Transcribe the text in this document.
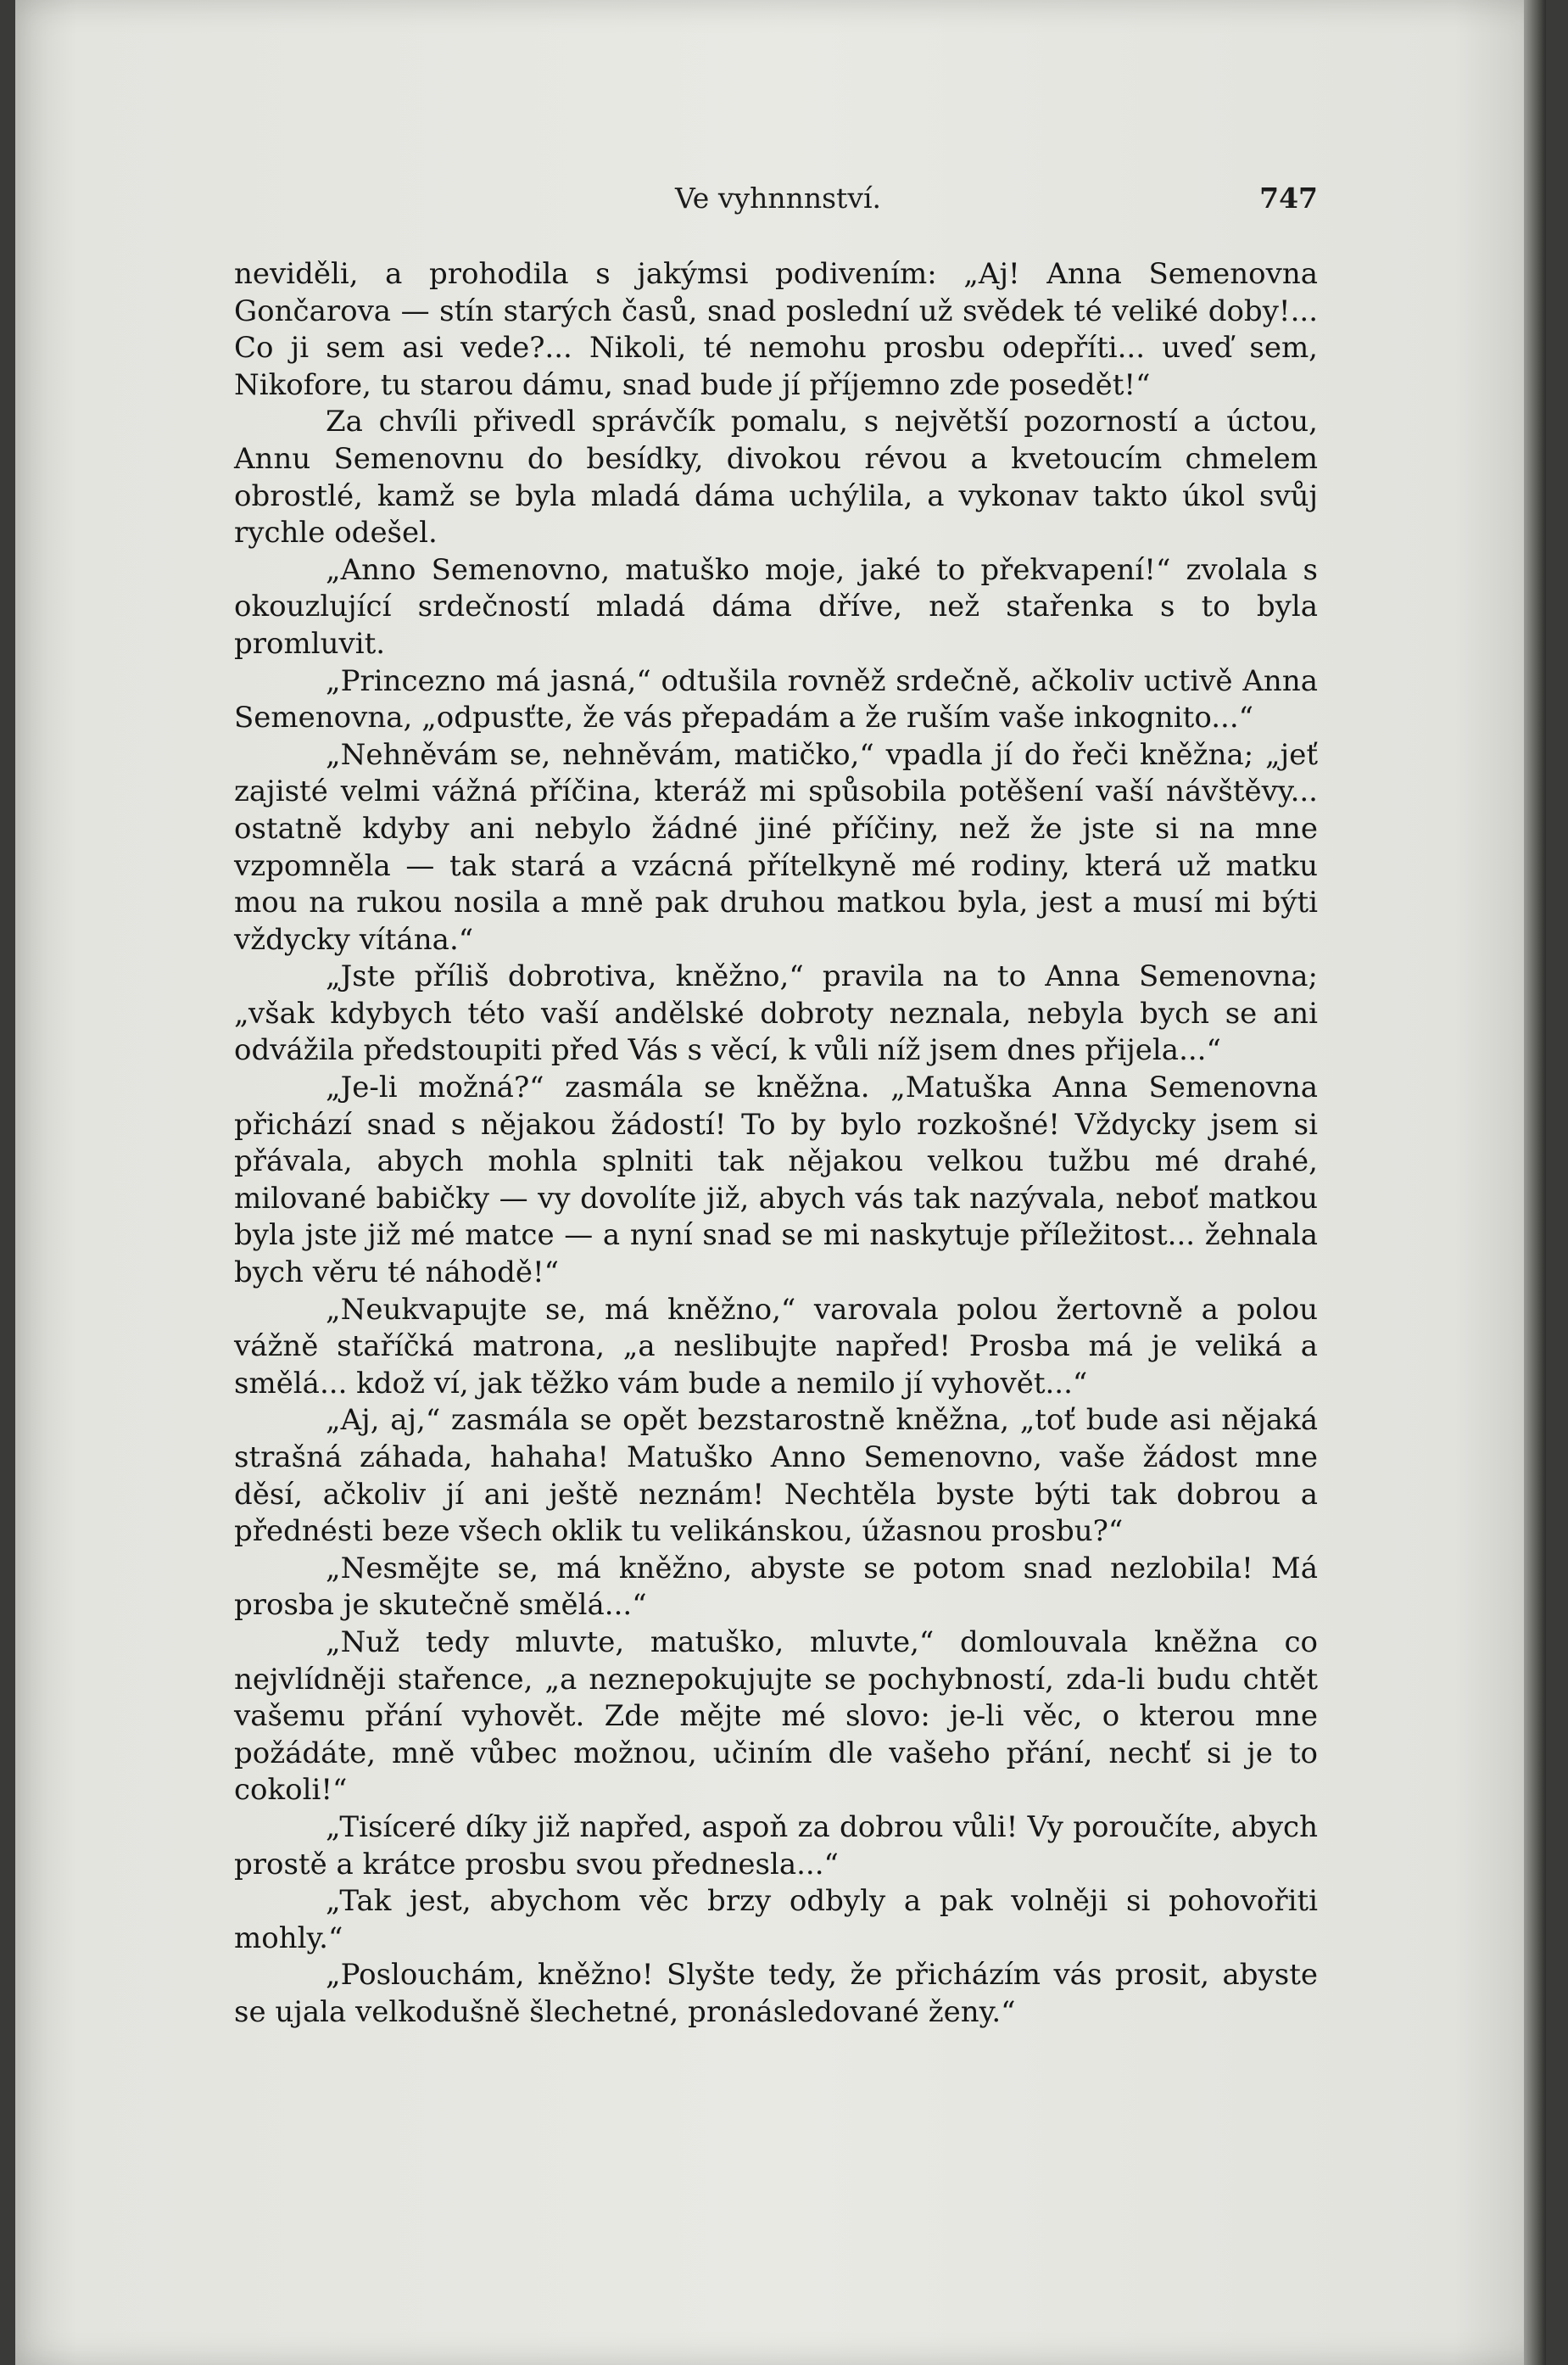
Ve vyhnnnství.	747

neviděli, a prohodila s jakýmsi podivením: „Aj! Anna Semenovna Gončarova — stín starých časů, snad poslední už svědek té veliké doby!... Co ji sem asi vede?... Nikoli, té nemohu prosbu odepříti... uveď sem, Nikofore, tu starou dámu, snad bude jí příjemno zde posedět!“

Za chvíli přivedl správčík pomalu, s největší pozorností a úctou, Annu Semenovnu do besídky, divokou révou a kvetoucím chmelem obrostlé, kamž se byla mladá dáma uchýlila, a vykonav takto úkol svůj rychle odešel.

„Anno Semenovno, matuško moje, jaké to překvapení!“ zvolala s okouzlující srdečností mladá dáma dříve, než stařenka s to byla promluvit.

„Princezno má jasná,“ odtušila rovněž srdečně, ačkoliv uctivě Anna Semenovna, „odpusťte, že vás přepadám a že ruším vaše inkognito...“

„Nehněvám se, nehněvám, matičko,“ vpadla jí do řeči kněžna; „jeť zajisté velmi vážná příčina, kteráž mi spůsobila potěšení vaší návštěvy... ostatně kdyby ani nebylo žádné jiné příčiny, než že jste si na mne vzpomněla — tak stará a vzácná přítelkyně mé rodiny, která už matku mou na rukou nosila a mně pak druhou matkou byla, jest a musí mi býti vždycky vítána.“

„Jste příliš dobrotiva, kněžno,“ pravila na to Anna Semenovna; „však kdybych této vaší andělské dobroty neznala, nebyla bych se ani odvážila předstoupiti před Vás s věcí, k vůli níž jsem dnes přijela...“

„Je-li možná?“ zasmála se kněžna. „Matuška Anna Semenovna přichází snad s nějakou žádostí! To by bylo rozkošné! Vždycky jsem si přávala, abych mohla splniti tak nějakou velkou tužbu mé drahé, milované babičky — vy dovolíte již, abych vás tak nazývala, neboť matkou byla jste již mé matce — a nyní snad se mi naskytuje příležitost... žehnala bych věru té náhodě!“

„Neukvapujte se, má kněžno,“ varovala polou žertovně a polou vážně staříčká matrona, „a neslibujte napřed! Prosba má je veliká a smělá... kdož ví, jak těžko vám bude a nemilo jí vyhovět...“

„Aj, aj,“ zasmála se opět bezstarostně kněžna, „toť bude asi nějaká strašná záhada, hahaha! Matuško Anno Semenovno, vaše žádost mne děsí, ačkoliv jí ani ještě neznám! Nechtěla byste býti tak dobrou a přednésti beze všech oklik tu velikánskou, úžasnou prosbu?“

„Nesmějte se, má kněžno, abyste se potom snad nezlobila! Má prosba je skutečně smělá...“

„Nuž tedy mluvte, matuško, mluvte,“ domlouvala kněžna co nejvlídněji stařence, „a neznepokujujte se pochybností, zda-li budu chtět vašemu přání vyhovět. Zde mějte mé slovo: je-li věc, o kterou mne požádáte, mně vůbec možnou, učiním dle vašeho přání, nechť si je to cokoli!“

„Tisíceré díky již napřed, aspoň za dobrou vůli! Vy poroučíte, abych prostě a krátce prosbu svou přednesla...“

„Tak jest, abychom věc brzy odbyly a pak volněji si pohovořiti mohly.“

„Poslouchám, kněžno! Slyšte tedy, že přicházím vás prosit, abyste se ujala velkodušně šlechetné, pronásledované ženy.“
